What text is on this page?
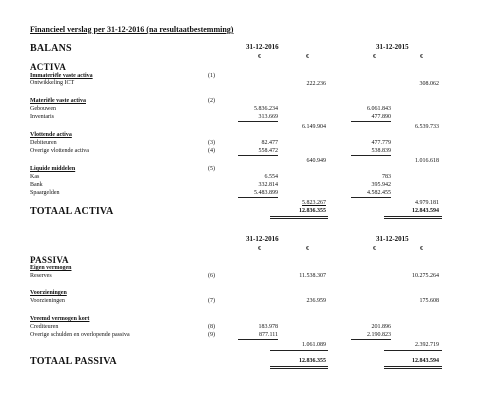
Financieel verslag per 31-12-2016 (na resultaatbestemming)
BALANS	31-12-2016	31-12-2015
€	€	€	€
ACTIVA
Immateriële vaste activa	(1)
Ontwikkeling ICT	222.236	308.062
Materiële vaste activa	(2)
Gebouwen	5.836.234	6.061.843
Inventaris	313.669	477.890
6.149.904	6.539.733
Vlottende activa
Debiteuren	(3)	82.477	477.779
Overige vlottende activa	(4)	558.472	538.839
640.949	1.016.618
Liquide middelen	(5)
Kas	6.554	783
Bank	332.814	395.942
Spaargelden	5.483.899	4.582.455
5.823.267	4.979.181
TOTAAL ACTIVA	12.836.355	12.843.594
31-12-2016	31-12-2015
€	€	€	€
PASSIVA
Eigen vermogen
Reserves	(6)	11.538.307	10.275.264
Voorzieningen
Voorzieningen	(7)	236.959	175.608
Vreemd vermogen kort
Crediteuren	(8)	183.978	201.896
Overige schulden en overlopende passiva	(9)	877.111	2.190.823
1.061.089	2.392.719
TOTAAL PASSIVA	12.836.355	12.843.594
